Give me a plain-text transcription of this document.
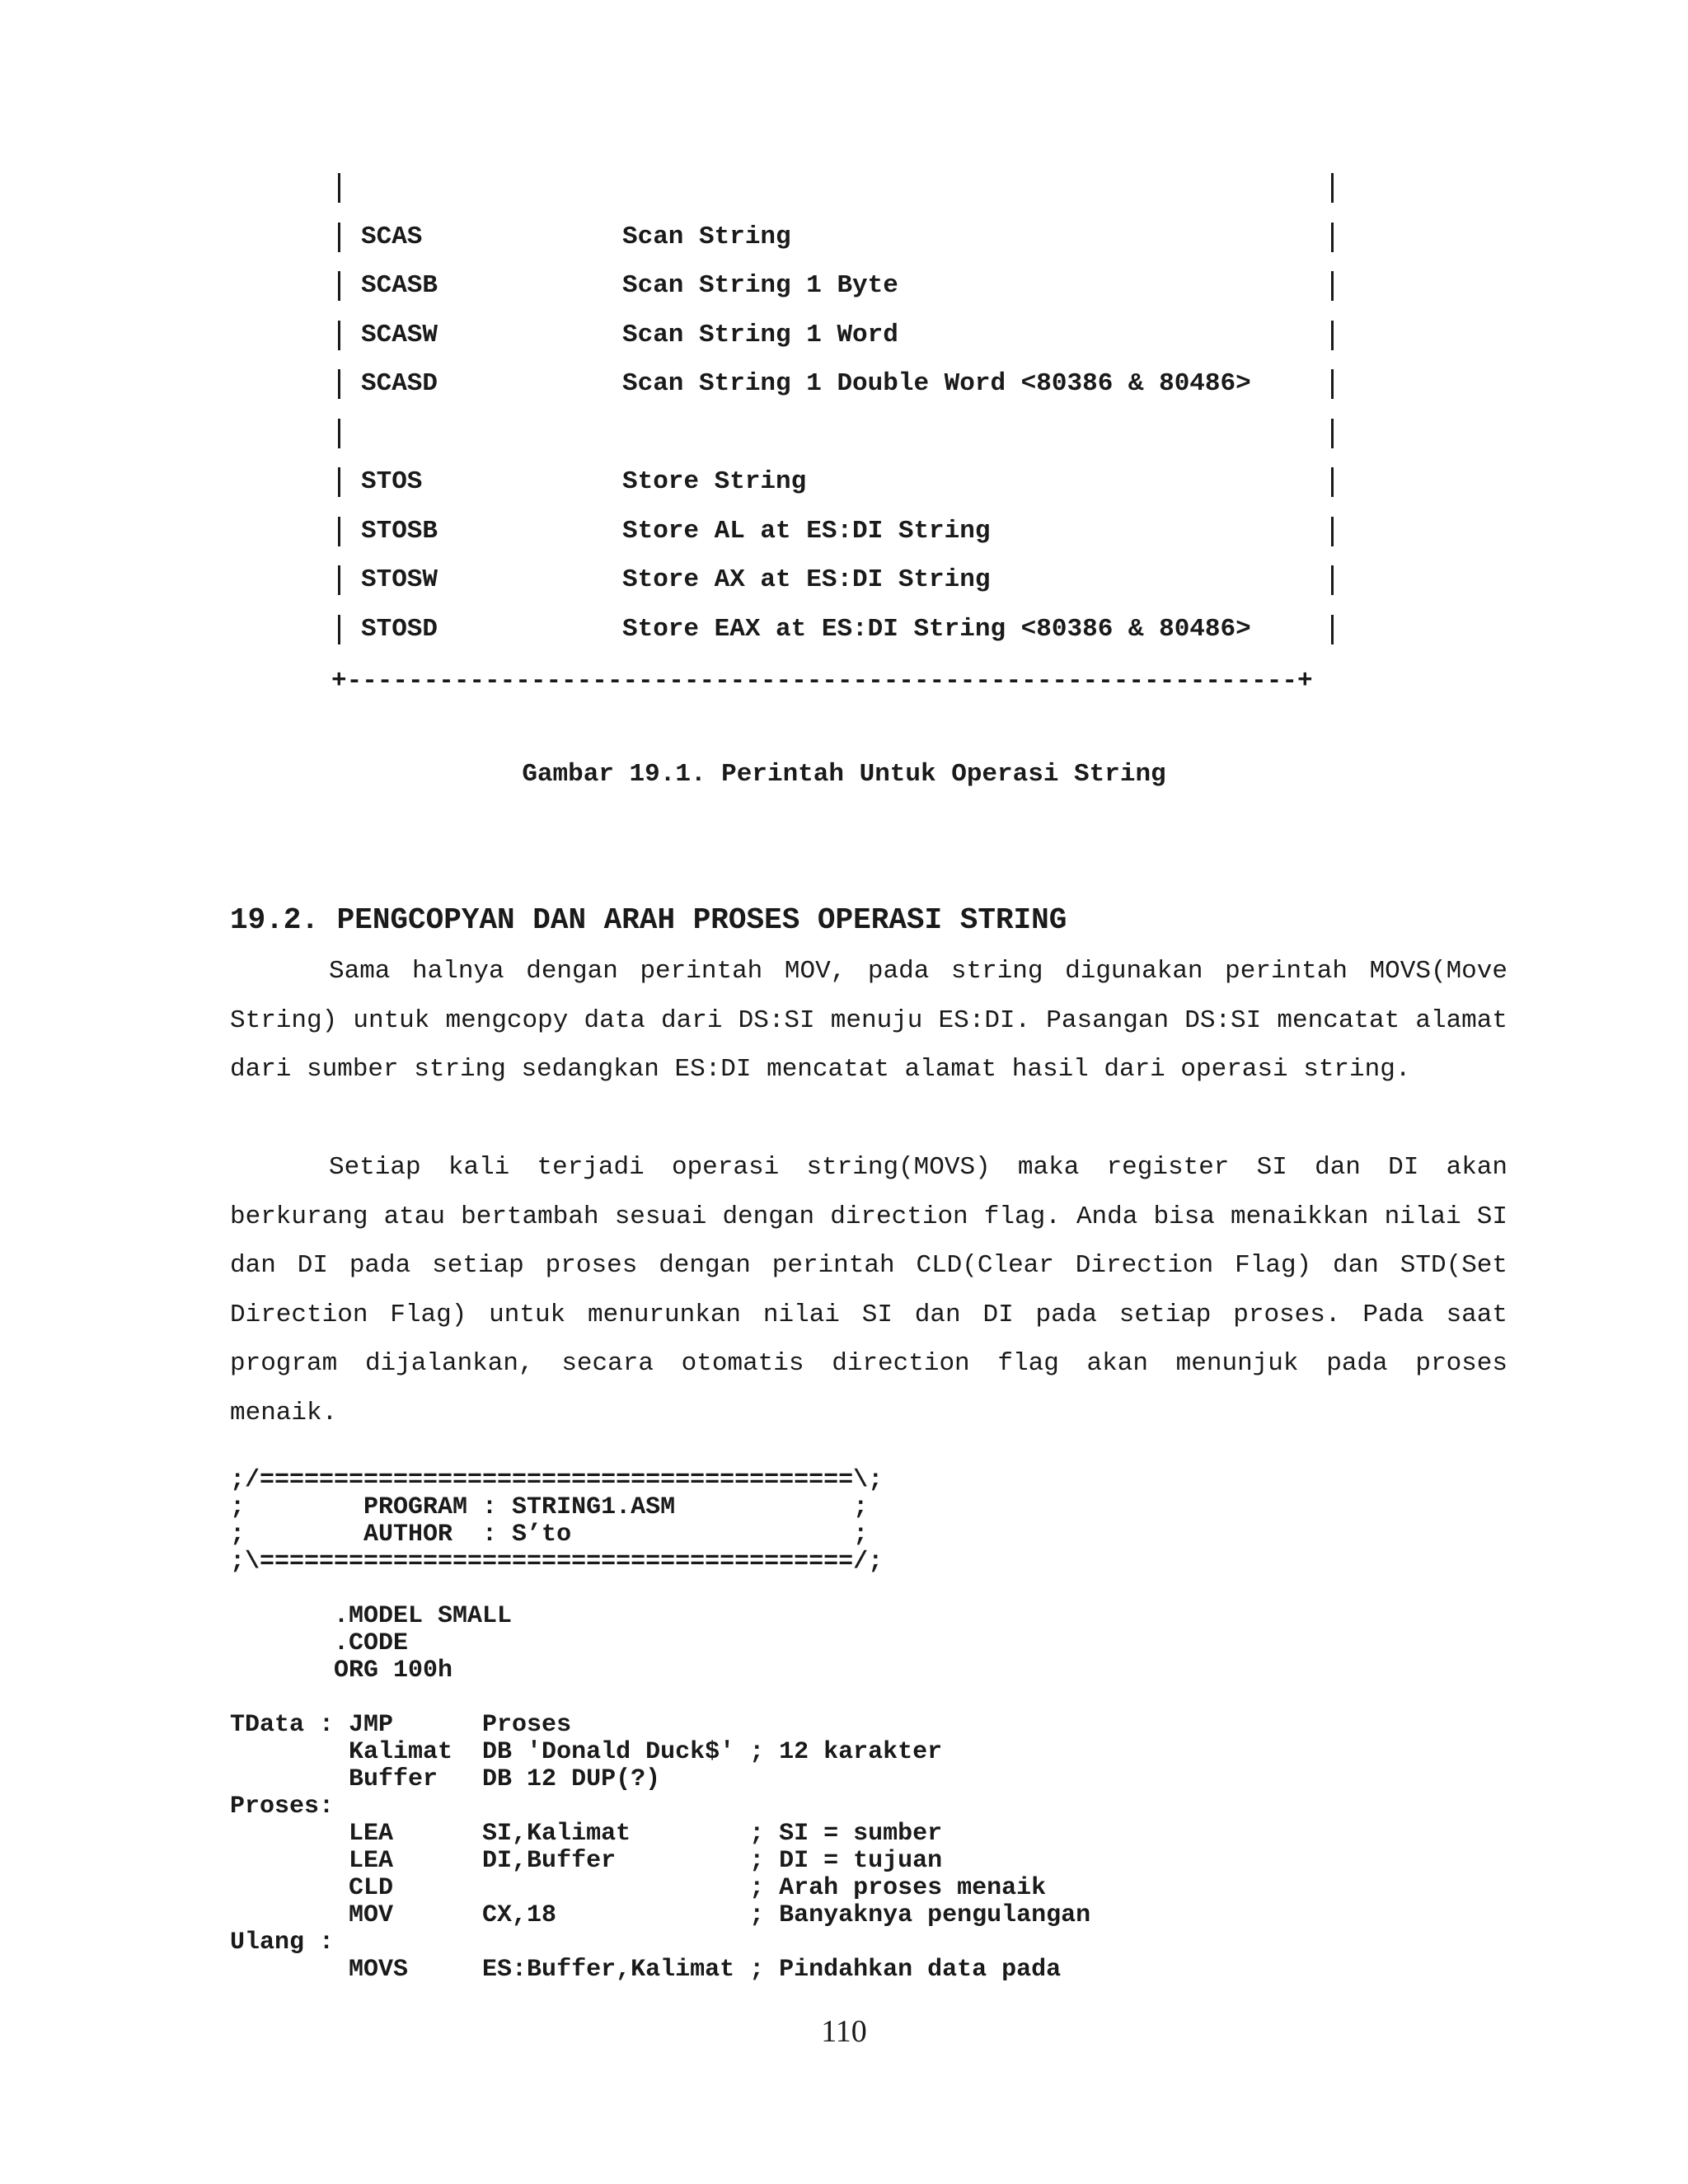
SCAS	Scan String
SCASB	Scan String 1 Byte
SCASW	Scan String 1 Word
SCASD	Scan String 1 Double Word <80386 & 80486>
STOS	Store String
STOSB	Store AL at ES:DI String
STOSW	Store AX at ES:DI String
STOSD	Store EAX at ES:DI String <80386 & 80486>
+--------------------------------------------------------------+
Gambar 19.1. Perintah Untuk Operasi String
19.2. PENGCOPYAN DAN ARAH PROSES OPERASI STRING

Sama halnya dengan perintah MOV, pada string digunakan perintah MOVS(Move String) untuk mengcopy data dari DS:SI menuju ES:DI. Pasangan DS:SI mencatat alamat dari sumber string sedangkan ES:DI mencatat alamat hasil dari operasi string.

Setiap kali terjadi operasi string(MOVS) maka register SI dan DI akan berkurang atau bertambah sesuai dengan direction flag. Anda bisa menaikkan nilai SI dan DI pada setiap proses dengan perintah CLD(Clear Direction Flag) dan STD(Set Direction Flag) untuk menurunkan nilai SI dan DI pada setiap proses. Pada saat program dijalankan, secara otomatis direction flag akan menunjuk pada proses menaik.

;/========================================\;
;        PROGRAM : STRING1.ASM            ;
;        AUTHOR  : S’to                   ;
;\========================================/;
.MODEL SMALL
.CODE
ORG 100h
TData : JMP      Proses
Kalimat  DB 'Donald Duck$' ; 12 karakter
Buffer   DB 12 DUP(?)
Proses:
LEA      SI,Kalimat        ; SI = sumber
LEA      DI,Buffer         ; DI = tujuan
CLD                        ; Arah proses menaik
MOV      CX,18             ; Banyaknya pengulangan
Ulang :
MOVS     ES:Buffer,Kalimat ; Pindahkan data pada
110
